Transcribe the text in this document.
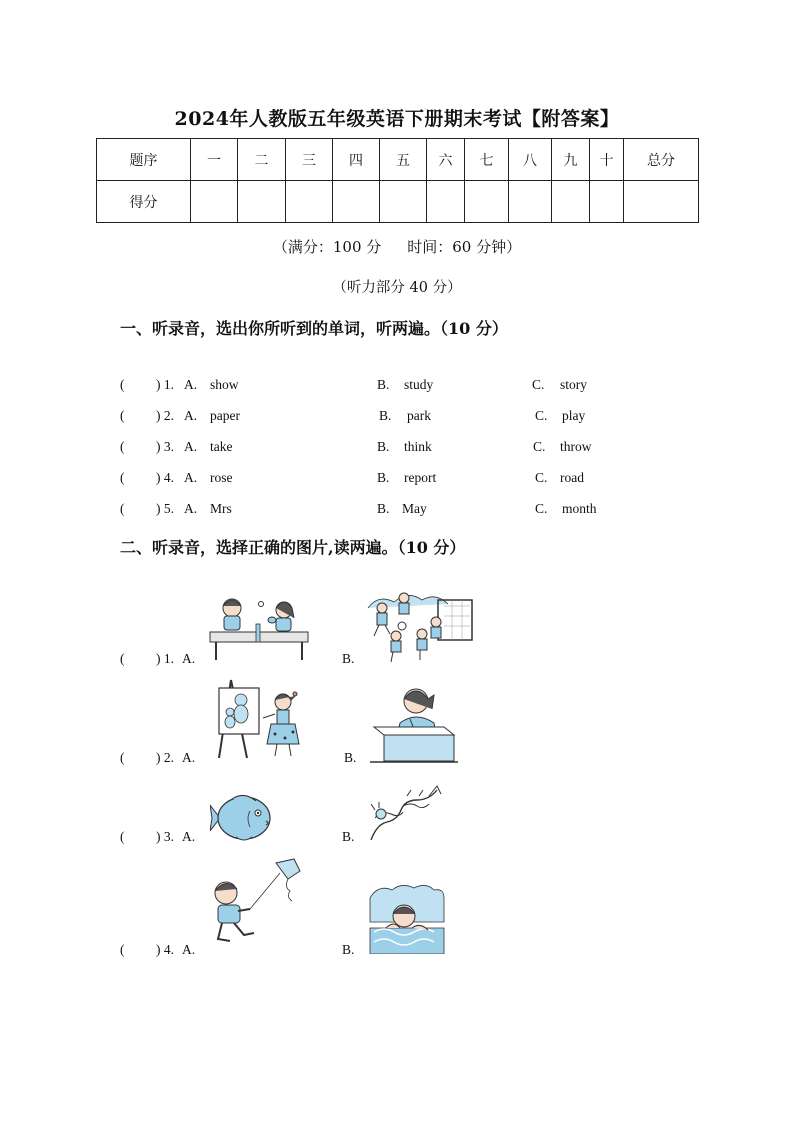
2024年人教版五年级英语下册期末考试【附答案】
题序	一	二	三	四	五	六	七	八	九	十	总分
得分											
（满分：100 分 时间：60 分钟）
（听力部分 40 分）
一、听录音，选出你所听到的单词，听两遍。（10 分）
( ) 1. A. show	B. study	C. story
( ) 2. A. paper	B. park	C. play
( ) 3. A. take	B. think	C. throw
( ) 4. A. rose	B. report	C. road
( ) 5. A. Mrs	B. May	C. month
二、听录音，选择正确的图片,读两遍。（10 分）
( ) 1. A.	B.
( ) 2. A.	B.
( ) 3. A.	B.
( ) 4. A.	B.
